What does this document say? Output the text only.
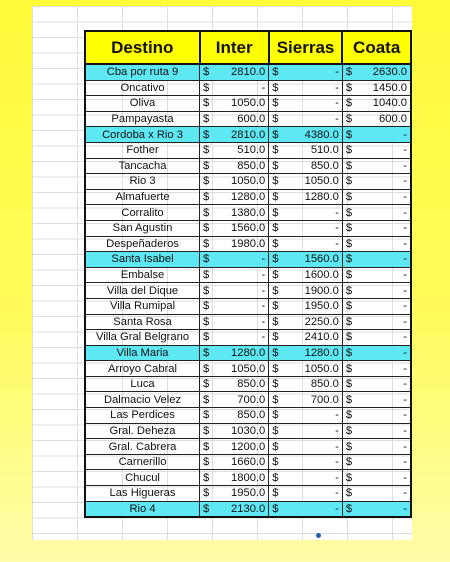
Destino	Inter	Sierras	Coata
Cba por ruta 9	$ 2810.0	$ -	$ 2630.0

Oncativo	$ -	$ -	$ 1450.0

Oliva	$ 1050.0	$ -	$ 1040.0

Pampayasta	$ 600.0	$ -	$ 600.0

Cordoba x Rio 3	$ 2810.0	$ 4380.0	$ -

Fother	$ 510.0	$ 510.0	$ -

Tancacha	$ 850.0	$ 850.0	$ -

Rio 3	$ 1050.0	$ 1050.0	$ -

Almafuerte	$ 1280.0	$ 1280.0	$ -

Corralito	$ 1380.0	$ -	$ -

San Agustin	$ 1560.0	$ -	$ -

Despeñaderos	$ 1980.0	$ -	$ -

Santa Isabel	$ -	$ 1560.0	$ -

Embalse	$ -	$ 1600.0	$ -

Villa del Dique	$ -	$ 1900.0	$ -

Villa Rumipal	$ -	$ 1950.0	$ -

Santa Rosa	$ -	$ 2250.0	$ -

Villa Gral Belgrano	$ -	$ 2410.0	$ -

Villa Maria	$ 1280.0	$ 1280.0	$ -

Arroyo Cabral	$ 1050.0	$ 1050.0	$ -

Luca	$ 850.0	$ 850.0	$ -

Dalmacio Velez	$ 700.0	$ 700.0	$ -

Las Perdices	$ 850.0	$ -	$ -

Gral. Deheza	$ 1030.0	$ -	$ -

Gral. Cabrera	$ 1200.0	$ -	$ -

Carnerillo	$ 1660.0	$ -	$ -

Chucul	$ 1800.0	$ -	$ -

Las Higueras	$ 1950.0	$ -	$ -

Rio 4	$ 2130.0	$ -	$ -
